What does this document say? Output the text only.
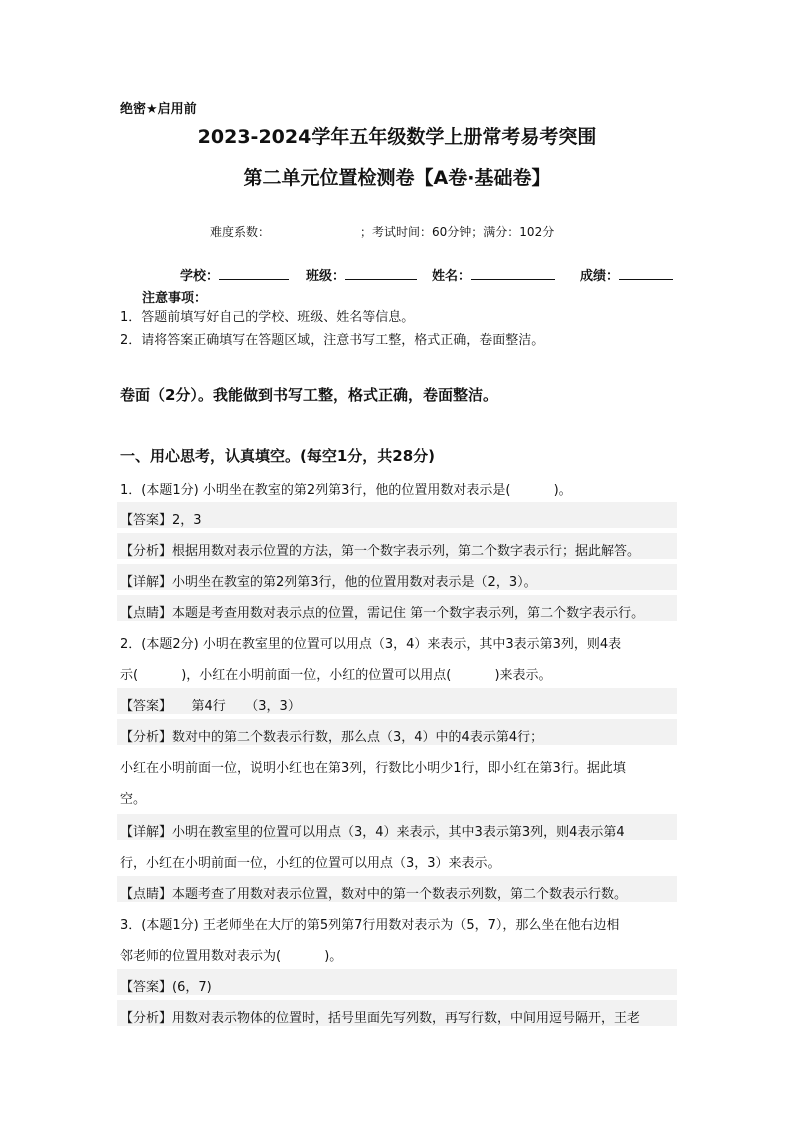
绝密★启用前
2023-2024学年五年级数学上册常考易考突围
第二单元位置检测卷【A卷·基础卷】
难度系数：	；考试时间：60分钟；满分：102分
学校：	班级：	姓名：	成绩：
注意事项：
1．答题前填写好自己的学校、班级、姓名等信息。
2．请将答案正确填写在答题区域，注意书写工整，格式正确，卷面整洁。
卷面（2分）。我能做到书写工整，格式正确，卷面整洁。
一、用心思考，认真填空。(每空1分，共28分)
1．(本题1分) 小明坐在教室的第2列第3行，他的位置用数对表示是(　　　 )。
【答案】2，3
【分析】根据用数对表示位置的方法，第一个数字表示列，第二个数字表示行；据此解答。
【详解】小明坐在教室的第2列第3行，他的位置用数对表示是（2，3）。
【点睛】本题是考查用数对表示点的位置，需记住 第一个数字表示列，第二个数字表示行。
2．(本题2分) 小明在教室里的位置可以用点（3，4）来表示，其中3表示第3列，则4表
示(　　　 )，小红在小明前面一位，小红的位置可以用点(　　　 )来表示。
【答案】　　第4行　　（3，3）
【分析】数对中的第二个数表示行数，那么点（3，4）中的4表示第4行；
小红在小明前面一位，说明小红也在第3列，行数比小明少1行，即小红在第3行。据此填
空。
【详解】小明在教室里的位置可以用点（3，4）来表示，其中3表示第3列，则4表示第4
行，小红在小明前面一位，小红的位置可以用点（3，3）来表示。
【点睛】本题考查了用数对表示位置，数对中的第一个数表示列数，第二个数表示行数。
3．(本题1分) 王老师坐在大厅的第5列第7行用数对表示为（5，7），那么坐在他右边相
邻老师的位置用数对表示为(　　　 )。
【答案】(6，7)
【分析】用数对表示物体的位置时，括号里面先写列数，再写行数，中间用逗号隔开，王老
